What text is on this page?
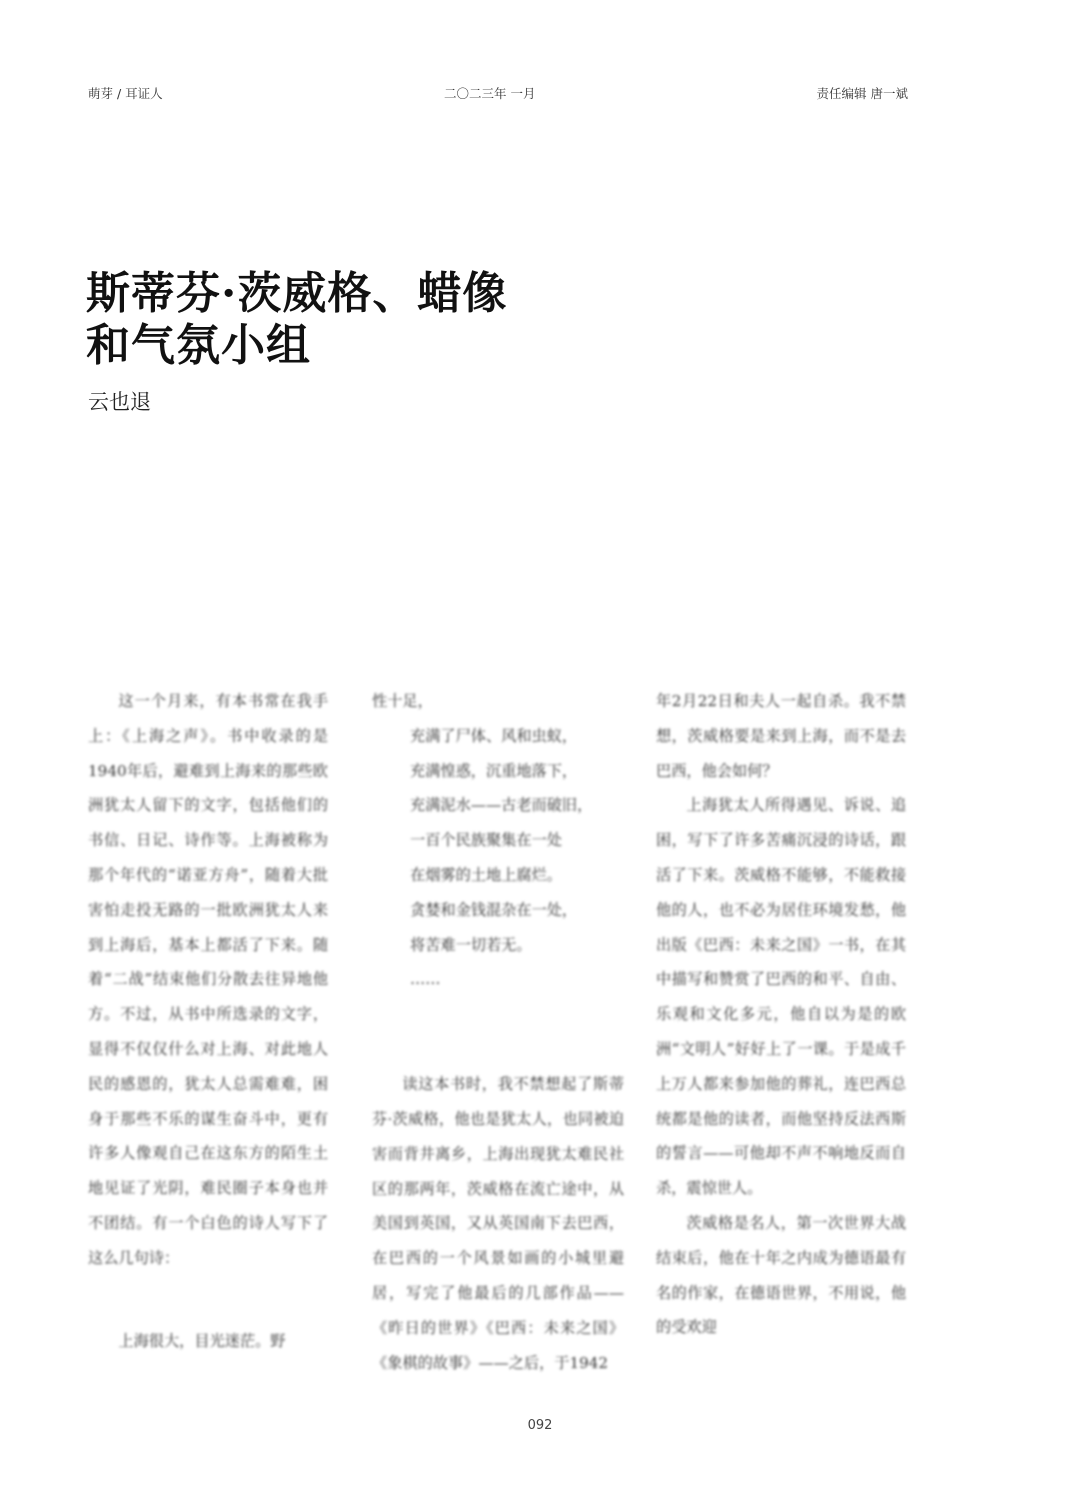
萌芽 / 耳证人	二〇二三年 一月	责任编辑 唐一斌
斯蒂芬·茨威格、蜡像
和气氛小组
云也退

这一个月来，有本书常在我手上：《上海之声》。书中收录的是1940年后，避难到上海来的那些欧洲犹太人留下的文字，包括他们的书信、日记、诗作等。上海被称为那个年代的“诺亚方舟”，随着大批害怕走投无路的一批欧洲犹太人来到上海后，基本上都活了下来。随着“二战”结束他们分散去往异地他方。不过，从书中所选录的文字，显得不仅仅什么对上海、对此地人民的感恩的，犹太人总需难难，困身于那些不乐的谋生奋斗中，更有许多人像观自己在这东方的陌生土地见证了光阴，难民圈子本身也并不团结。有一个白色的诗人写下了这么几句诗：

上海很大，目光迷茫。野

性十足，

充满了尸体、风和虫蚁，
充满惶惑，沉重地落下，
充满泥水——古老而破旧，
一百个民族聚集在一处
在烟雾的土地上腐烂。
贪婪和金钱混杂在一处，
将苦难一切若无。
……

读这本书时，我不禁想起了斯蒂芬·茨威格，他也是犹太人，也同被迫害而背井离乡，上海出现犹太难民社区的那两年，茨威格在流亡途中，从美国到英国，又从英国南下去巴西，在巴西的一个风景如画的小城里避居，写完了他最后的几部作品——《昨日的世界》《巴西：未来之国》《象棋的故事》——之后，于1942

年2月22日和夫人一起自杀。我不禁想，茨威格要是来到上海，而不是去巴西，他会如何？

上海犹太人所得遇见、诉说、追困，写下了许多苦痛沉浸的诗话，跟活了下来。茨威格不能够，不能救接他的人，也不必为居住环境发愁，他出版《巴西：未来之国》一书，在其中描写和赞赏了巴西的和平、自由、乐观和文化多元，他自以为是的欧洲“文明人”好好上了一课。于是成千上万人都来参加他的葬礼，连巴西总统都是他的读者，而他坚持反法西斯的誓言——可他却不声不响地反而自杀，震惊世人。

茨威格是名人，第一次世界大战结束后，他在十年之内成为德语最有名的作家，在德语世界，不用说，他的受欢迎

092
